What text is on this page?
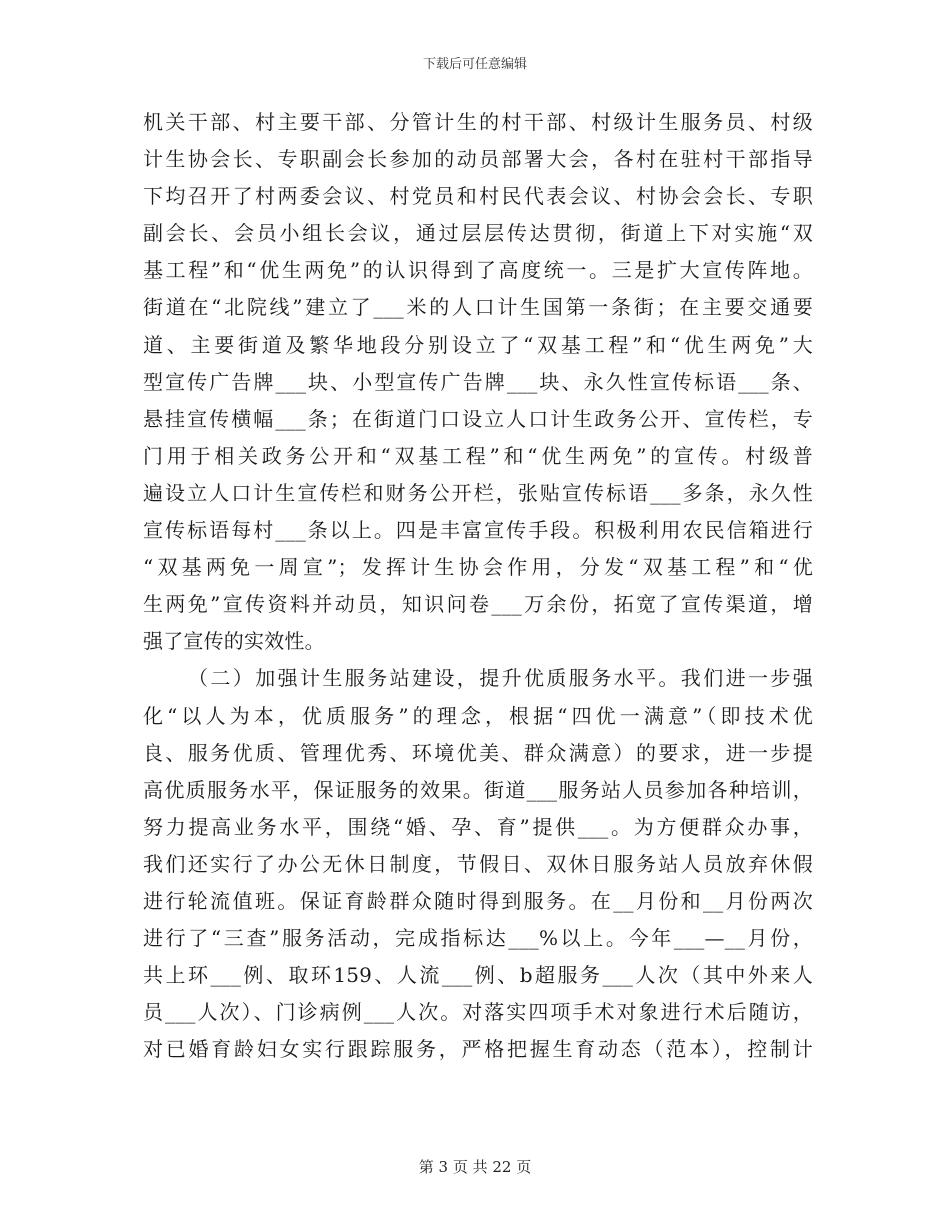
下载后可任意编辑
机关干部、村主要干部、分管计生的村干部、村级计生服务员、村级
计生协会长、专职副会长参加的动员部署大会，各村在驻村干部指导
下均召开了村两委会议、村党员和村民代表会议、村协会会长、专职
副会长、会员小组长会议，通过层层传达贯彻，街道上下对实施“双
基工程”和“优生两免”的认识得到了高度统一。三是扩大宣传阵地。
街道在“北院线”建立了___米的人口计生国第一条街；在主要交通要
道、主要街道及繁华地段分别设立了“双基工程”和“优生两免”大
型宣传广告牌___块、小型宣传广告牌___块、永久性宣传标语___条、
悬挂宣传横幅___条；在街道门口设立人口计生政务公开、宣传栏，专
门用于相关政务公开和“双基工程”和“优生两免”的宣传。村级普
遍设立人口计生宣传栏和财务公开栏，张贴宣传标语___多条，永久性
宣传标语每村___条以上。四是丰富宣传手段。积极利用农民信箱进行
“双基两免一周宣”；发挥计生协会作用，分发“双基工程”和“优
生两免”宣传资料并动员，知识问卷___万余份，拓宽了宣传渠道，增
强了宣传的实效性。
（二）加强计生服务站建设，提升优质服务水平。我们进一步强
化“以人为本，优质服务”的理念，根据“四优一满意”（即技术优
良、服务优质、管理优秀、环境优美、群众满意）的要求，进一步提
高优质服务水平，保证服务的效果。街道___服务站人员参加各种培训，
努力提高业务水平，围绕“婚、孕、育”提供___。为方便群众办事，
我们还实行了办公无休日制度，节假日、双休日服务站人员放弃休假
进行轮流值班。保证育龄群众随时得到服务。在__月份和__月份两次
进行了“三查”服务活动，完成指标达___%以上。今年___—__月份，
共上环___例、取环159、人流___例、b超服务___人次（其中外来人
员___人次）、门诊病例___人次。对落实四项手术对象进行术后随访，
对已婚育龄妇女实行跟踪服务，严格把握生育动态（范本），控制计
第 3 页 共 22 页
